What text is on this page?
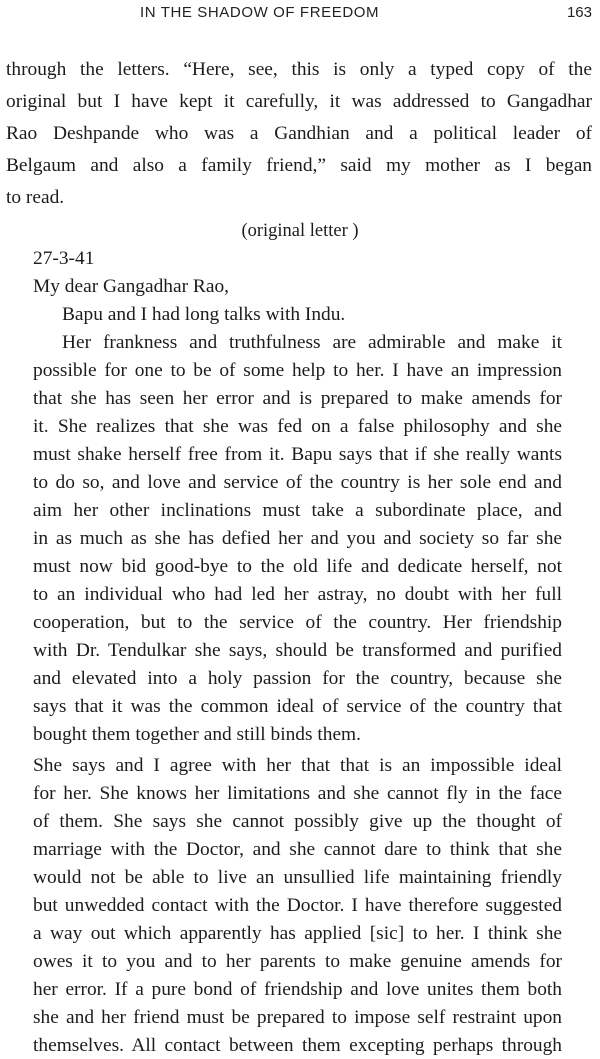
IN THE SHADOW OF FREEDOM	163
through the letters. “Here, see, this is only a typed copy of the
original but I have kept it carefully, it was addressed to Gangadhar
Rao Deshpande who was a Gandhian and a political leader of
Belgaum and also a family friend,” said my mother as I began
to read.
(original letter )
27-3-41
My dear Gangadhar Rao,
Bapu and I had long talks with Indu.
Her frankness and truthfulness are admirable and make it
possible for one to be of some help to her. I have an impression
that she has seen her error and is prepared to make amends for
it. She realizes that she was fed on a false philosophy and she
must shake herself free from it. Bapu says that if she really wants
to do so, and love and service of the country is her sole end and
aim her other inclinations must take a subordinate place, and
in as much as she has defied her and you and society so far she
must now bid good-bye to the old life and dedicate herself, not
to an individual who had led her astray, no doubt with her full
cooperation, but to the service of the country. Her friendship
with Dr. Tendulkar she says, should be transformed and purified
and elevated into a holy passion for the country, because she
says that it was the common ideal of service of the country that
bought them together and still binds them.
She says and I agree with her that that is an impossible ideal
for her. She knows her limitations and she cannot fly in the face
of them. She says she cannot possibly give up the thought of
marriage with the Doctor, and she cannot dare to think that she
would not be able to live an unsullied life maintaining friendly
but unwedded contact with the Doctor. I have therefore suggested
a way out which apparently has applied [sic] to her. I think she
owes it to you and to her parents to make genuine amends for
her error. If a pure bond of friendship and love unites them both
she and her friend must be prepared to impose self restraint upon
themselves. All contact between them excepting perhaps through
